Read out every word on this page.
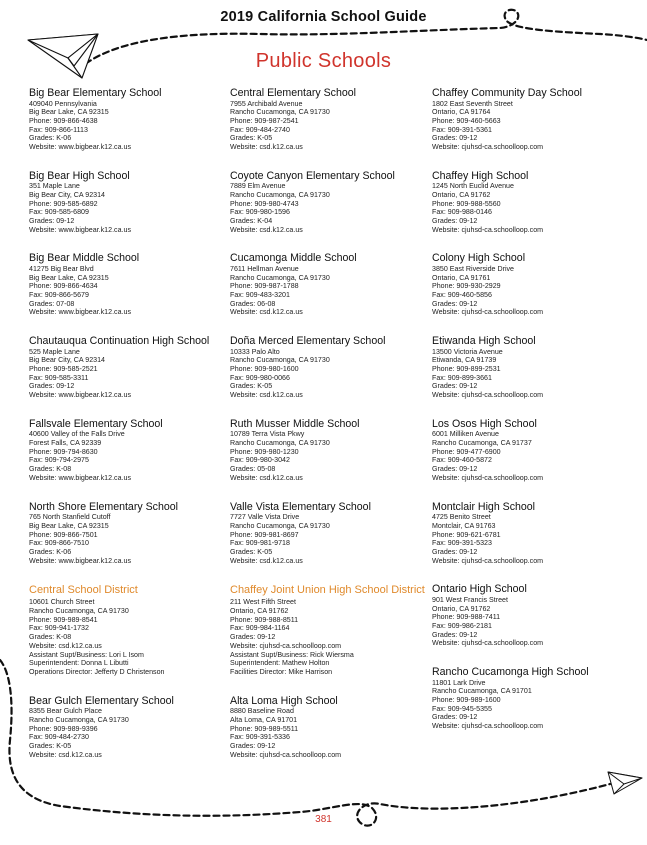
2019 California School Guide
Public Schools
Big Bear Elementary School
409040 Pennsylvania
Big Bear Lake, CA 92315
Phone: 909-866-4638
Fax: 909-866-1113
Grades: K-06
Website: www.bigbear.k12.ca.us
Big Bear High School
351 Maple Lane
Big Bear City, CA 92314
Phone: 909-585-6892
Fax: 909-585-6809
Grades: 09-12
Website: www.bigbear.k12.ca.us
Big Bear Middle School
41275 Big Bear Blvd
Big Bear Lake, CA 92315
Phone: 909-866-4634
Fax: 909-866-5679
Grades: 07-08
Website: www.bigbear.k12.ca.us
Chautauqua Continuation High School
525 Maple Lane
Big Bear City, CA 92314
Phone: 909-585-2521
Fax: 909-585-3311
Grades: 09-12
Website: www.bigbear.k12.ca.us
Fallsvale Elementary School
40600 Valley of the Falls Drive
Forest Falls, CA 92339
Phone: 909-794-8630
Fax: 909-794-2975
Grades: K-08
Website: www.bigbear.k12.ca.us
North Shore Elementary School
765 North Stanfield Cutoff
Big Bear Lake, CA 92315
Phone: 909-866-7501
Fax: 909-866-7510
Grades: K-06
Website: www.bigbear.k12.ca.us
Central School District
10601 Church Street
Rancho Cucamonga, CA 91730
Phone: 909-989-8541
Fax: 909-941-1732
Grades: K-08
Website: csd.k12.ca.us
Assistant Supt/Business: Lori L Isom
Superintendent: Donna L Libutti
Operations Director: Jefferty D Christenson
Bear Gulch Elementary School
8355 Bear Gulch Place
Rancho Cucamonga, CA 91730
Phone: 909-989-9396
Fax: 909-484-2730
Grades: K-05
Website: csd.k12.ca.us
Central Elementary School
7955 Archibald Avenue
Rancho Cucamonga, CA 91730
Phone: 909-987-2541
Fax: 909-484-2740
Grades: K-05
Website: csd.k12.ca.us
Coyote Canyon Elementary School
7889 Elm Avenue
Rancho Cucamonga, CA 91730
Phone: 909-980-4743
Fax: 909-980-1596
Grades: K-04
Website: csd.k12.ca.us
Cucamonga Middle School
7611 Hellman Avenue
Rancho Cucamonga, CA 91730
Phone: 909-987-1788
Fax: 909-483-3201
Grades: 06-08
Website: csd.k12.ca.us
Doña Merced Elementary School
10333 Palo Alto
Rancho Cucamonga, CA 91730
Phone: 909-980-1600
Fax: 909-980-0066
Grades: K-05
Website: csd.k12.ca.us
Ruth Musser Middle School
10789 Terra Vista Pkwy
Rancho Cucamonga, CA 91730
Phone: 909-980-1230
Fax: 909-980-3042
Grades: 05-08
Website: csd.k12.ca.us
Valle Vista Elementary School
7727 Valle Vista Drive
Rancho Cucamonga, CA 91730
Phone: 909-981-8697
Fax: 909-981-9718
Grades: K-05
Website: csd.k12.ca.us
Chaffey Joint Union High School District
211 West Fifth Street
Ontario, CA 91762
Phone: 909-988-8511
Fax: 909-984-1164
Grades: 09-12
Website: cjuhsd-ca.schoolloop.com
Assistant Supt/Business: Rick Wiersma
Superintendent: Mathew Holton
Facilities Director: Mike Harrison
Alta Loma High School
8880 Baseline Road
Alta Loma, CA 91701
Phone: 909-989-5511
Fax: 909-391-5336
Grades: 09-12
Website: cjuhsd-ca.schoolloop.com
Chaffey Community Day School
1802 East Seventh Street
Ontario, CA 91764
Phone: 909-460-5663
Fax: 909-391-5361
Grades: 09-12
Website: cjuhsd-ca.schoolloop.com
Chaffey High School
1245 North Euclid Avenue
Ontario, CA 91762
Phone: 909-988-5560
Fax: 909-988-0146
Grades: 09-12
Website: cjuhsd-ca.schoolloop.com
Colony High School
3850 East Riverside Drive
Ontario, CA 91761
Phone: 909-930-2929
Fax: 909-460-5856
Grades: 09-12
Website: cjuhsd-ca.schoolloop.com
Etiwanda High School
13500 Victoria Avenue
Etiwanda, CA 91739
Phone: 909-899-2531
Fax: 909-899-3661
Grades: 09-12
Website: cjuhsd-ca.schoolloop.com
Los Osos High School
6001 Milliken Avenue
Rancho Cucamonga, CA 91737
Phone: 909-477-6900
Fax: 909-460-5872
Grades: 09-12
Website: cjuhsd-ca.schoolloop.com
Montclair High School
4725 Benito Street
Montclair, CA 91763
Phone: 909-621-6781
Fax: 909-391-5323
Grades: 09-12
Website: cjuhsd-ca.schoolloop.com
Ontario High School
901 West Francis Street
Ontario, CA 91762
Phone: 909-988-7411
Fax: 909-986-2181
Grades: 09-12
Website: cjuhsd-ca.schoolloop.com
Rancho Cucamonga High School
11801 Lark Drive
Rancho Cucamonga, CA 91701
Phone: 909-989-1600
Fax: 909-945-5355
Grades: 09-12
Website: cjuhsd-ca.schoolloop.com
381
